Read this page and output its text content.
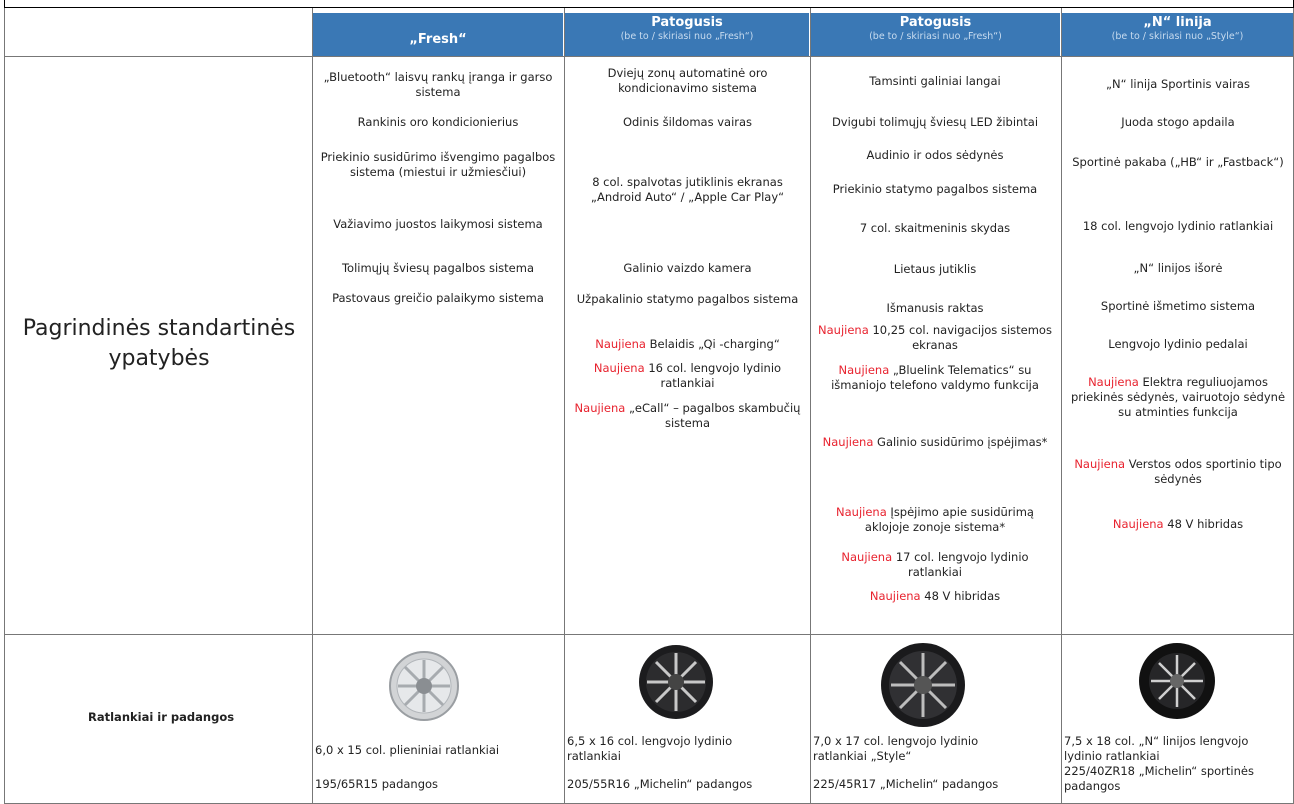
„Fresh“
Patogusis
(be to / skiriasi nuo „Fresh“)
Patogusis
(be to / skiriasi nuo „Fresh“)
„N“ linija
(be to / skiriasi nuo „Style“)
Pagrindinės standartinės ypatybės
Ratlankiai ir padangos
„Bluetooth“ laisvų rankų įranga ir garso sistema
Rankinis oro kondicionierius
Priekinio susidūrimo išvengimo pagalbos sistema (miestui ir užmiesčiui)
Važiavimo juostos laikymosi sistema
Tolimųjų šviesų pagalbos sistema
Pastovaus greičio palaikymo sistema
Dviejų zonų automatinė oro kondicionavimo sistema
Odinis šildomas vairas
8 col. spalvotas jutiklinis ekranas „Android Auto“ / „Apple Car Play“
Galinio vaizdo kamera
Užpakalinio statymo pagalbos sistema
Naujiena Belaidis „Qi -charging“
Naujiena 16 col. lengvojo lydinio ratlankiai
Naujiena „eCall“ – pagalbos skambučių sistema
Tamsinti galiniai langai
Dvigubi tolimųjų šviesų LED žibintai
Audinio ir odos sėdynės
Priekinio statymo pagalbos sistema
7 col. skaitmeninis skydas
Lietaus jutiklis
Išmanusis raktas
Naujiena 10,25 col. navigacijos sistemos ekranas
Naujiena „Bluelink Telematics“ su išmaniojo telefono valdymo funkcija
Naujiena Galinio susidūrimo įspėjimas*
Naujiena Įspėjimo apie susidūrimą aklojoje zonoje sistema*
Naujiena 17 col. lengvojo lydinio ratlankiai
Naujiena 48 V hibridas
„N“ linija Sportinis vairas
Juoda stogo apdaila
Sportinė pakaba („HB“ ir „Fastback“)
18 col. lengvojo lydinio ratlankiai
„N“ linijos išorė
Sportinė išmetimo sistema
Lengvojo lydinio pedalai
Naujiena Elektra reguliuojamos priekinės sėdynės, vairuotojo sėdynė su atminties funkcija
Naujiena Verstos odos sportinio tipo sėdynės
Naujiena 48 V hibridas
6,0 x 15 col. plieniniai ratlankiai
195/65R15 padangos
6,5 x 16 col. lengvojo lydinio ratlankiai
205/55R16 „Michelin“ padangos
7,0 x 17 col. lengvojo lydinio ratlankiai „Style“
225/45R17 „Michelin“ padangos
7,5 x 18 col. „N“ linijos lengvojo lydinio ratlankiai
225/40ZR18 „Michelin“ sportinės padangos
